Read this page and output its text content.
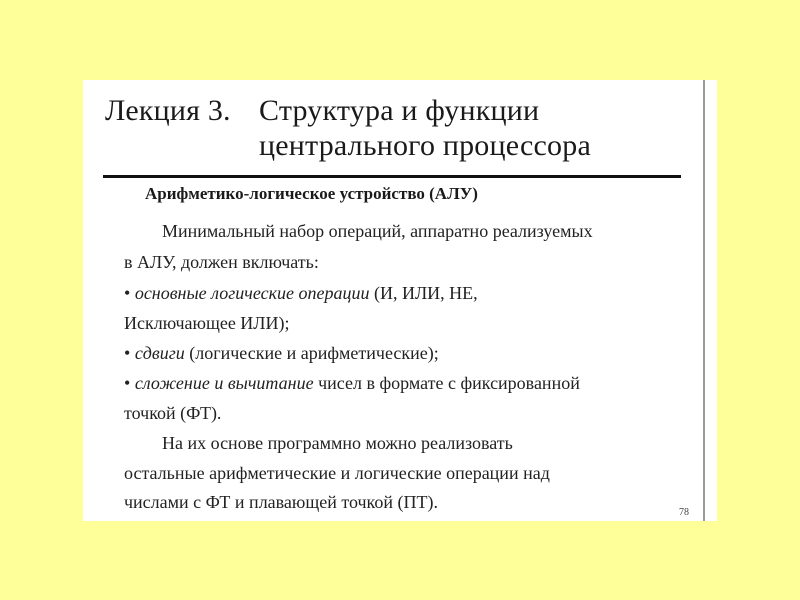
Лекция 3. Структура и функции
центрального процессора
Арифметико-логическое устройство (АЛУ)
Минимальный набор операций, аппаратно реализуемых
в АЛУ, должен включать:
• основные логические операции (И, ИЛИ, НЕ,
Исключающее ИЛИ);
• сдвиги (логические и арифметические);
• сложение и вычитание чисел в формате с фиксированной
точкой (ФТ).
На их основе программно можно реализовать
остальные арифметические и логические операции над
числами с ФТ и плавающей точкой (ПТ).
78
